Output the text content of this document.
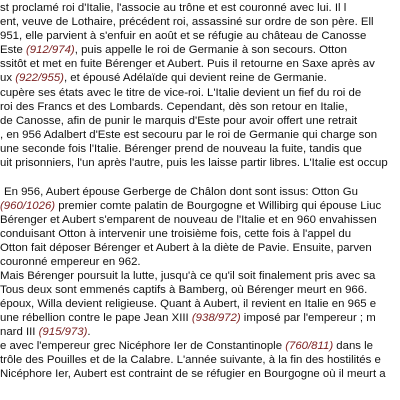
st proclamé roi d'Italie, l'associe au trône et est couronné avec lui. Il l
ent, veuve de Lothaire, précédent roi, assassiné sur ordre de son père. Ell
951, elle parvient à s'enfuir en août et se réfugie au château de Canosse
Este (912/974), puis appelle le roi de Germanie à son secours. Otton
ssitôt et met en fuite Bérenger et Aubert. Puis il retourne en Saxe après av
ux (922/955), et épousé Adélaïde qui devient reine de Germanie.
cupère ses états avec le titre de vice-roi. L'Italie devient un fief du roi de
roi des Francs et des Lombards. Cependant, dès son retour en Italie,
de Canosse, afin de punir le marquis d'Este pour avoir offert une retrait
, en 956 Adalbert d'Este est secouru par le roi de Germanie qui charge son
une seconde fois l'Italie. Bérenger prend de nouveau la fuite, tandis que
uit prisonniers, l'un après l'autre, puis les laisse partir libres. L'Italie est occup
En 956, Aubert épouse Gerberge de Châlon dont sont issus: Otton Gu
(960/1026) premier comte palatin de Bourgogne et Willibirg qui épouse Liuc
Bérenger et Aubert s'emparent de nouveau de l'Italie et en 960 envahissen
conduisant Otton à intervenir une troisième fois, cette fois à l'appel du
Otton fait déposer Bérenger et Aubert à la diète de Pavie. Ensuite, parven
couronné empereur en 962.
Mais Bérenger poursuit la lutte, jusqu'à ce qu'il soit finalement pris avec sa
Tous deux sont emmenés captifs à Bamberg, où Bérenger meurt en 966.
époux, Willa devient religieuse. Quant à Aubert, il revient en Italie en 965 e
une rébellion contre le pape Jean XIII (938/972) imposé par l'empereur ; m
nard III (915/973).
e avec l'empereur grec Nicéphore Ier de Constantinople (760/811) dans le
trôle des Pouilles et de la Calabre. L'année suivante, à la fin des hostilités e
Nicéphore Ier, Aubert est contraint de se réfugier en Bourgogne où il meurt a
